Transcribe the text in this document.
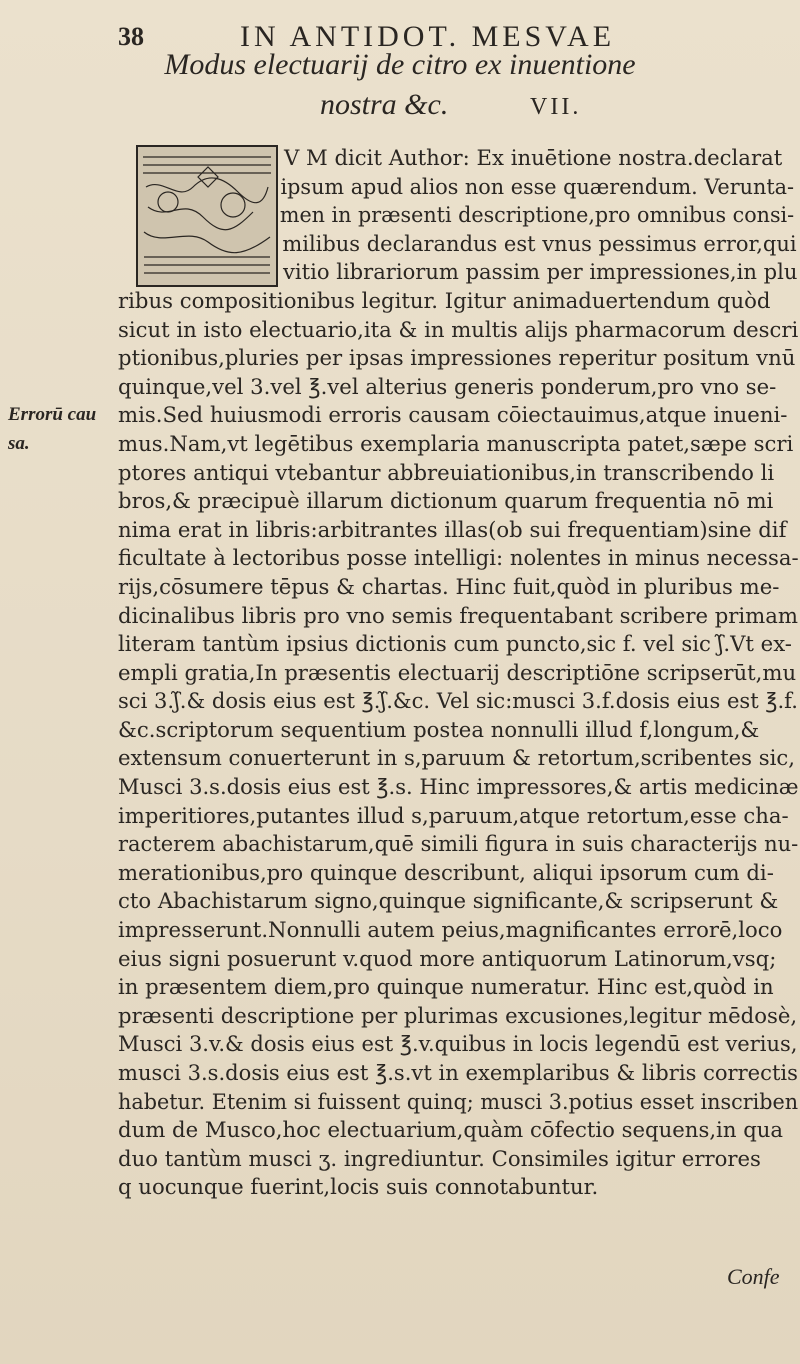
38	IN ANTIDOT. MESVAE
Modus electuarij de citro ex inuentione
nostra &c.	VII.
Errorū cau
sa.
V M dicit Author: Ex inuētione nostra.declarat
ipsum apud alios non esse quærendum. Verunta-
men in præsenti descriptione,pro omnibus consi-
milibus declarandus est vnus pessimus error,qui
vitio librariorum passim per impressiones,in plu
ribus compositionibus legitur. Igitur animaduertendum quòd
sicut in isto electuario,ita & in multis alijs pharmacorum descri
ptionibus,pluries per ipsas impressiones reperitur positum vnū
quinque,vel 3.vel ℥.vel alterius generis ponderum,pro vno se-
mis.Sed huiusmodi erroris causam cōiectauimus,atque inueni-
mus.Nam,vt legētibus exemplaria manuscripta patet,sæpe scri
ptores antiqui vtebantur abbreuiationibus,in transcribendo li
bros,& præcipuè illarum dictionum quarum frequentia nō mi
nima erat in libris:arbitrantes illas(ob sui frequentiam)sine dif
ficultate à lectoribus posse intelligi: nolentes in minus necessa-
rijs,cōsumere tēpus & chartas. Hinc fuit,quòd in pluribus me-
dicinalibus libris pro vno semis frequentabant scribere primam
literam tantùm ipsius dictionis cum puncto,sic f. vel sic ʃ̃.Vt ex-
empli gratia,In præsentis electuarij descriptiōne scripserūt,mu
sci 3.ʃ̃.& dosis eius est ℥.ʃ̃.&c. Vel sic:musci 3.f.dosis eius est ℥.f.
&c.scriptorum sequentium postea nonnulli illud f,longum,&
extensum conuerterunt in s,paruum & retortum,scribentes sic,
Musci 3.s.dosis eius est ℥.s. Hinc impressores,& artis medicinæ
imperitiores,putantes illud s,paruum,atque retortum,esse cha-
racterem abachistarum,quē simili figura in suis characterijs nu-
merationibus,pro quinque describunt, aliqui ipsorum cum di-
cto Abachistarum signo,quinque significante,& scripserunt &
impresserunt.Nonnulli autem peius,magnificantes errorē,loco
eius signi posuerunt v.quod more antiquorum Latinorum,vsq;
in præsentem diem,pro quinque numeratur. Hinc est,quòd in
præsenti descriptione per plurimas excusiones,legitur mēdosè,
Musci 3.v.& dosis eius est ℥.v.quibus in locis legendū est verius,
musci 3.s.dosis eius est ℥.s.vt in exemplaribus & libris correctis
habetur. Etenim si fuissent quinq; musci 3.potius esset inscriben
dum de Musco,hoc electuarium,quàm cōfectio sequens,in qua
duo tantùm musci ʒ. ingrediuntur. Consimiles igitur errores
q uocunque fuerint,locis suis connotabuntur.
Confe
